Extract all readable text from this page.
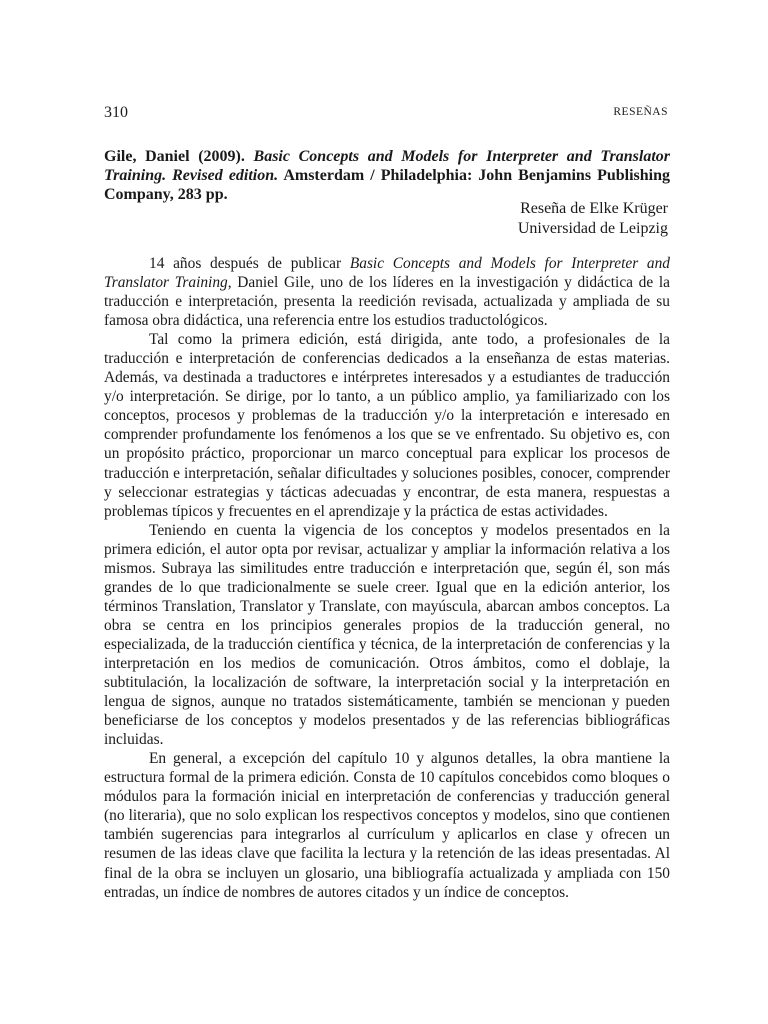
310	RESEÑAS
Gile, Daniel (2009). Basic Concepts and Models for Interpreter and Translator Training. Revised edition. Amsterdam / Philadelphia: John Benjamins Publishing Company, 283 pp.
Reseña de Elke Krüger
Universidad de Leipzig

14 años después de publicar Basic Concepts and Models for Interpreter and Translator Training, Daniel Gile, uno de los líderes en la investigación y didáctica de la traducción e interpretación, presenta la reedición revisada, actualizada y ampliada de su famosa obra didáctica, una referencia entre los estudios traductológicos.

Tal como la primera edición, está dirigida, ante todo, a profesionales de la traducción e interpretación de conferencias dedicados a la enseñanza de estas materias. Además, va destinada a traductores e intérpretes interesados y a estudiantes de traducción y/o interpretación. Se dirige, por lo tanto, a un público amplio, ya familiarizado con los conceptos, procesos y problemas de la traducción y/o la interpretación e interesado en comprender profundamente los fenómenos a los que se ve enfrentado. Su objetivo es, con un propósito práctico, proporcionar un marco conceptual para explicar los procesos de traducción e interpretación, señalar dificultades y soluciones posibles, conocer, comprender y seleccionar estrategias y tácticas adecuadas y encontrar, de esta manera, respuestas a problemas típicos y frecuentes en el aprendizaje y la práctica de estas actividades.

Teniendo en cuenta la vigencia de los conceptos y modelos presentados en la primera edición, el autor opta por revisar, actualizar y ampliar la información relativa a los mismos. Subraya las similitudes entre traducción e interpretación que, según él, son más grandes de lo que tradicionalmente se suele creer. Igual que en la edición anterior, los términos Translation, Translator y Translate, con mayúscula, abarcan ambos conceptos. La obra se centra en los principios generales propios de la traducción general, no especializada, de la traducción científica y técnica, de la interpretación de conferencias y la interpretación en los medios de comunicación. Otros ámbitos, como el doblaje, la subtitulación, la localización de software, la interpretación social y la interpretación en lengua de signos, aunque no tratados sistemáticamente, también se mencionan y pueden beneficiarse de los conceptos y modelos presentados y de las referencias bibliográficas incluidas.

En general, a excepción del capítulo 10 y algunos detalles, la obra mantiene la estructura formal de la primera edición. Consta de 10 capítulos concebidos como bloques o módulos para la formación inicial en interpretación de conferencias y traducción general (no literaria), que no solo explican los respectivos conceptos y modelos, sino que contienen también sugerencias para integrarlos al currículum y aplicarlos en clase y ofrecen un resumen de las ideas clave que facilita la lectura y la retención de las ideas presentadas. Al final de la obra se incluyen un glosario, una bibliografía actualizada y ampliada con 150 entradas, un índice de nombres de autores citados y un índice de conceptos.
